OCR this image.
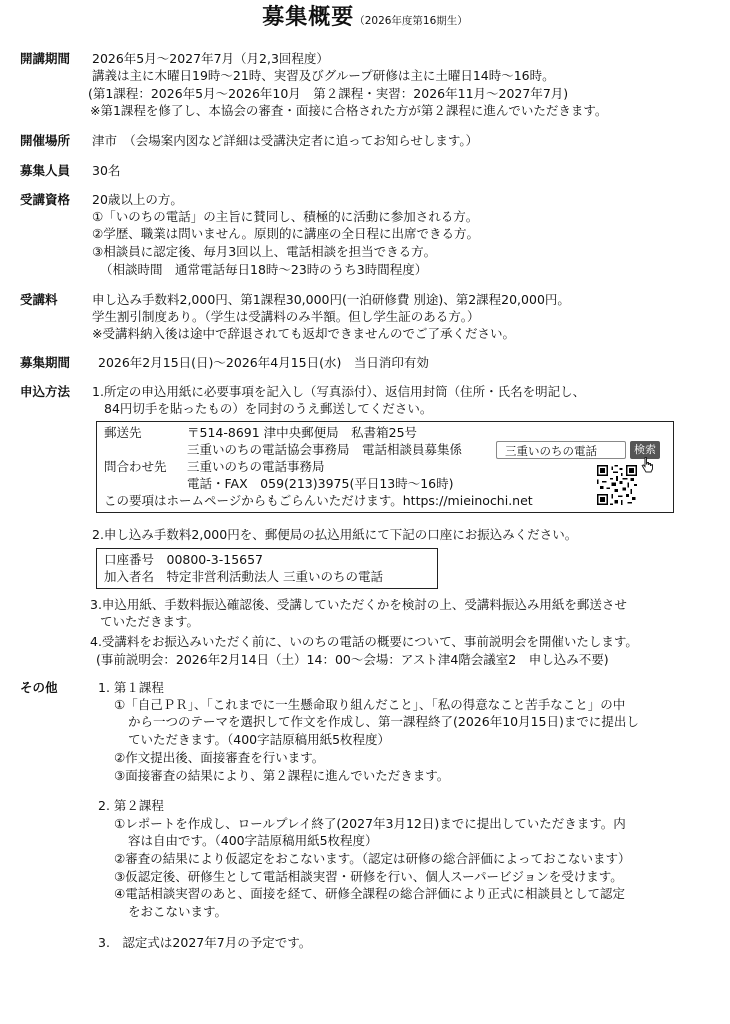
募集概要（2026年度第16期生）
開講期間 2026年5月～2027年7月（月2,3回程度）
講義は主に木曜日19時～21時、実習及びグループ研修は主に土曜日14時～16時。
(第1課程：2026年5月～2026年10月　第２課程・実習：2026年11月～2027年7月)
※第1課程を修了し、本協会の審査・面接に合格された方が第２課程に進んでいただきます。
開催場所 津市　（会場案内図など詳細は受講決定者に追ってお知らせします。）
募集人員 30名
受講資格 20歳以上の方。
①「いのちの電話」の主旨に賛同し、積極的に活動に参加される方。
②学歴、職業は問いません。原則的に講座の全日程に出席できる方。
③相談員に認定後、毎月3回以上、電話相談を担当できる方。
（相談時間　通常電話毎日18時～23時のうち3時間程度）
受講料	申し込み手数料2,000円、第1課程30,000円(一泊研修費 別途)、第2課程20,000円。
学生割引制度あり。（学生は受講料のみ半額。但し学生証のある方。）
※受講料納入後は途中で辞退されても返却できませんのでご了承ください。
募集期間 2026年2月15日(日)～2026年4月15日(水)　当日消印有効
申込方法 1.所定の申込用紙に必要事項を記入し（写真添付）、返信用封筒（住所・氏名を明記し、
84円切手を貼ったもの）を同封のうえ郵送してください。
郵送先	〒514-8691 津中央郵便局　私書箱25号
三重いのちの電話協会事務局　電話相談員募集係
問合わせ先 三重いのちの電話事務局
電話・FAX　059(213)3975(平日13時～16時)
この要項はホームページからもごらんいただけます。https://mieinochi.net
三重いのちの電話	検索
2.申し込み手数料2,000円を、郵便局の払込用紙にて下記の口座にお振込みください。
口座番号　00800-3-15657
加入者名　特定非営利活動法人 三重いのちの電話
3.申込用紙、手数料振込確認後、受講していただくかを検討の上、受講料振込み用紙を郵送させ
ていただきます。
4.受講料をお振込みいただく前に、いのちの電話の概要について、事前説明会を開催いたします。
(事前説明会：2026年2月14日（土）14：00～会場：アスト津4階会議室2　申し込み不要)
その他	1. 第１課程
①「自己ＰＲ」、「これまでに一生懸命取り組んだこと」、「私の得意なこと苦手なこと」の中
から一つのテーマを選択して作文を作成し、第一課程終了(2026年10月15日)までに提出し
ていただきます。（400字詰原稿用紙5枚程度）
②作文提出後、面接審査を行います。
③面接審査の結果により、第２課程に進んでいただきます。
2. 第２課程
①レポートを作成し、ロールプレイ終了(2027年3月12日)までに提出していただきます。内
容は自由です。（400字詰原稿用紙5枚程度）
②審査の結果により仮認定をおこないます。（認定は研修の総合評価によっておこないます）
③仮認定後、研修生として電話相談実習・研修を行い、個人スーパービジョンを受けます。
④電話相談実習のあと、面接を経て、研修全課程の総合評価により正式に相談員として認定
をおこないます。
3.　認定式は2027年7月の予定です。
